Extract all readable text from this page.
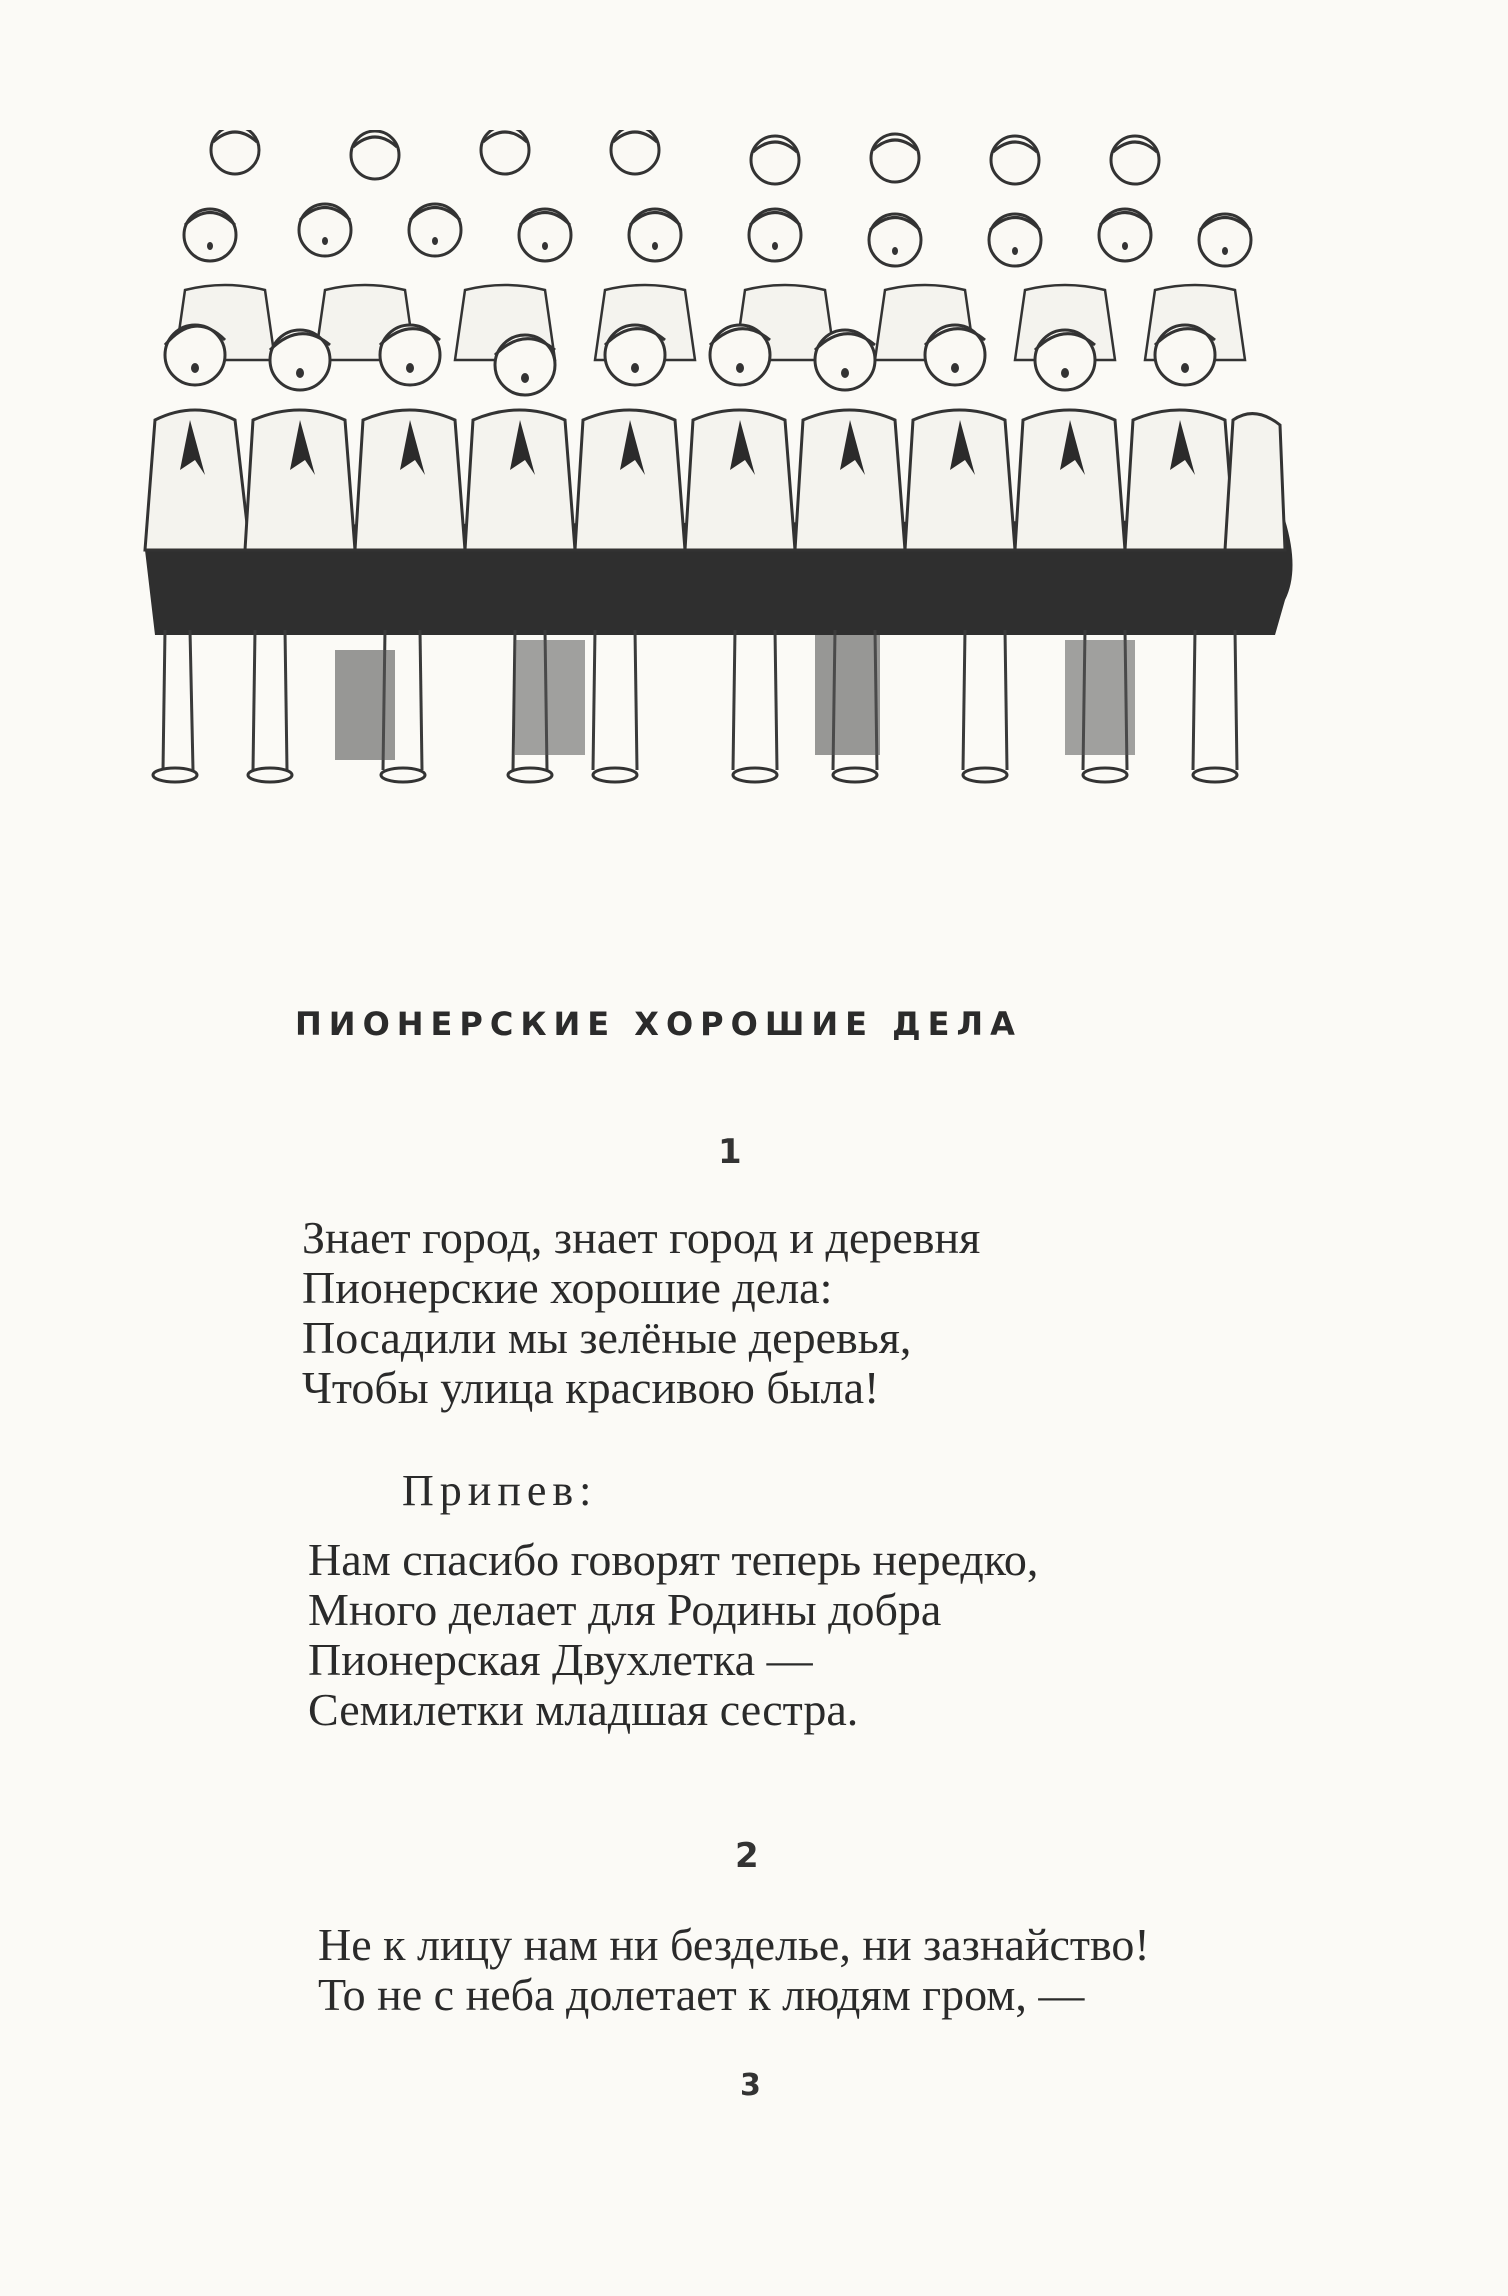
ПИОНЕРСКИЕ ХОРОШИЕ ДЕЛА
1
Знает город, знает город и деревня
Пионерские хорошие дела:
Посадили мы зелёные деревья,
Чтобы улица красивою была!
Припев:
Нам спасибо говорят теперь нередко,
Много делает для Родины добра
Пионерская Двухлетка —
Семилетки младшая сестра.
2
Не к лицу нам ни безделье, ни зазнайство!
То не с неба долетает к людям гром, —
3
